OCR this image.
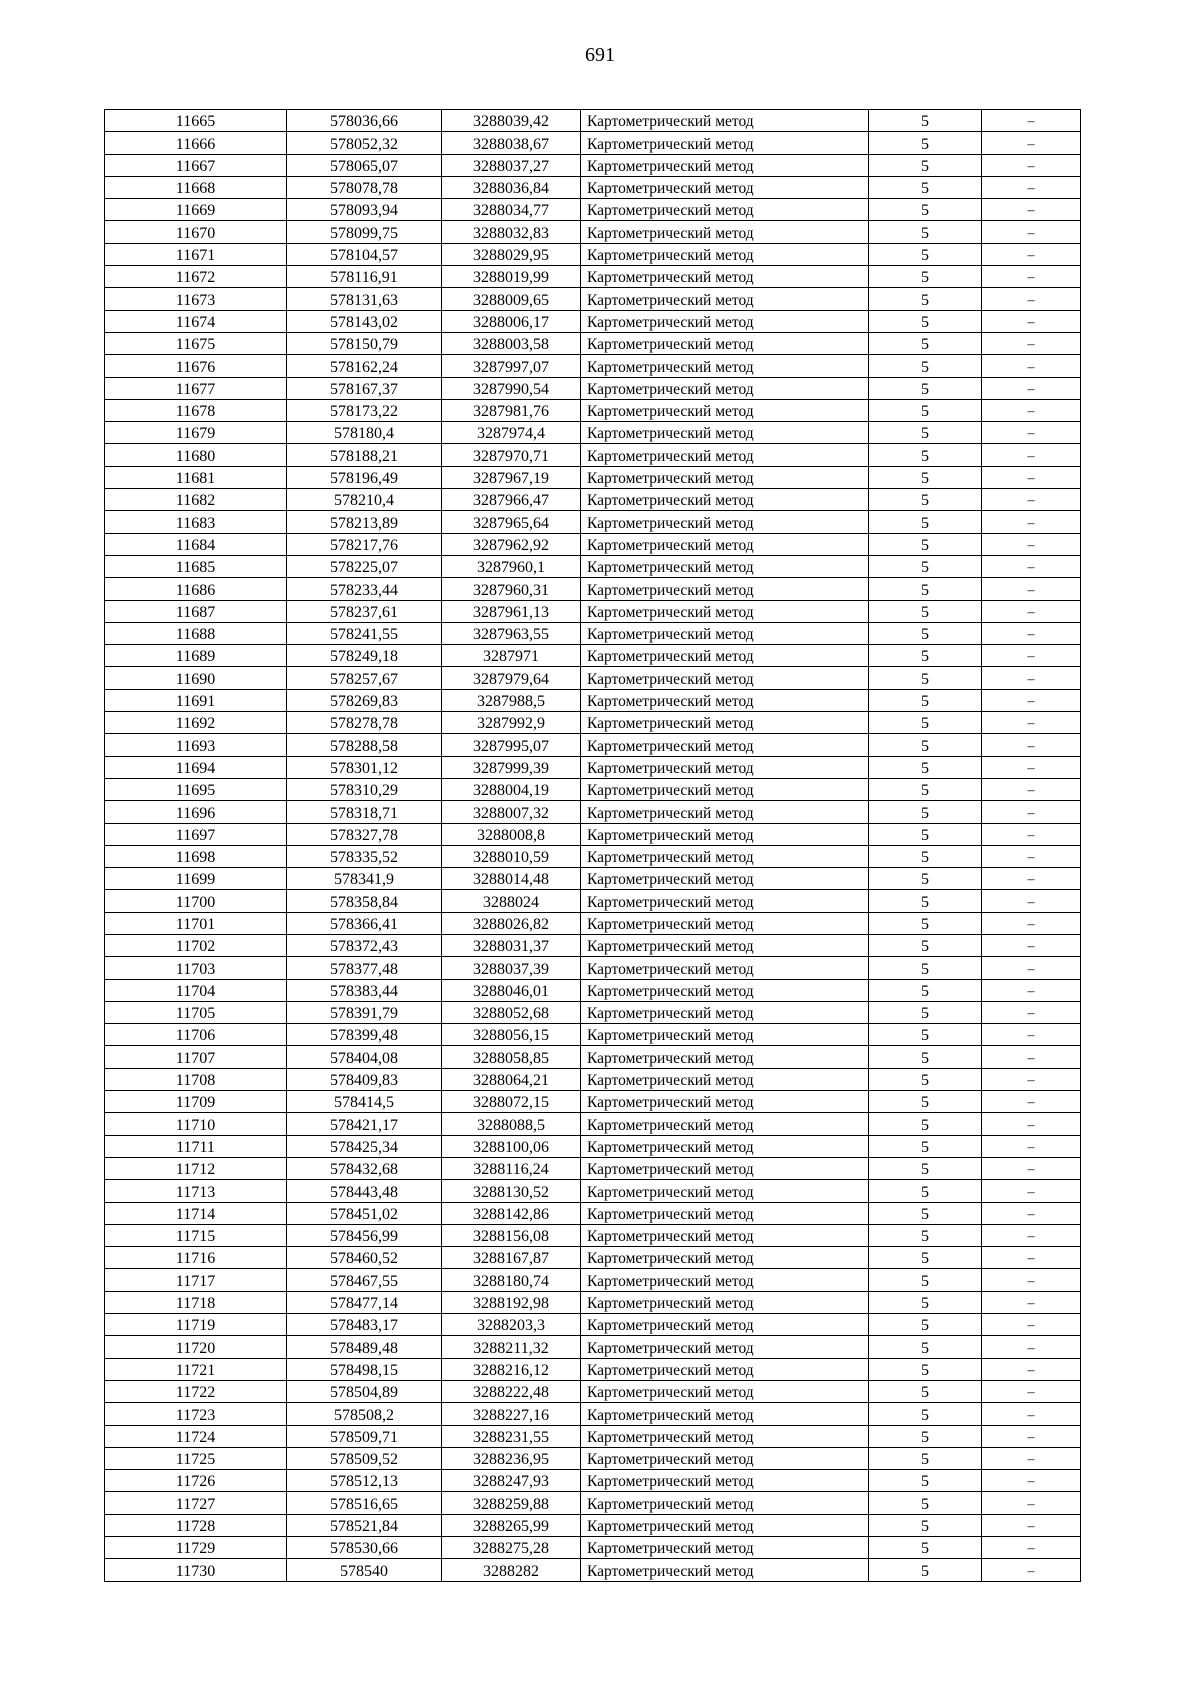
691
11665	578036,66	3288039,42	Картометрический метод	5	–
11666	578052,32	3288038,67	Картометрический метод	5	–
11667	578065,07	3288037,27	Картометрический метод	5	–
11668	578078,78	3288036,84	Картометрический метод	5	–
11669	578093,94	3288034,77	Картометрический метод	5	–
11670	578099,75	3288032,83	Картометрический метод	5	–
11671	578104,57	3288029,95	Картометрический метод	5	–
11672	578116,91	3288019,99	Картометрический метод	5	–
11673	578131,63	3288009,65	Картометрический метод	5	–
11674	578143,02	3288006,17	Картометрический метод	5	–
11675	578150,79	3288003,58	Картометрический метод	5	–
11676	578162,24	3287997,07	Картометрический метод	5	–
11677	578167,37	3287990,54	Картометрический метод	5	–
11678	578173,22	3287981,76	Картометрический метод	5	–
11679	578180,4	3287974,4	Картометрический метод	5	–
11680	578188,21	3287970,71	Картометрический метод	5	–
11681	578196,49	3287967,19	Картометрический метод	5	–
11682	578210,4	3287966,47	Картометрический метод	5	–
11683	578213,89	3287965,64	Картометрический метод	5	–
11684	578217,76	3287962,92	Картометрический метод	5	–
11685	578225,07	3287960,1	Картометрический метод	5	–
11686	578233,44	3287960,31	Картометрический метод	5	–
11687	578237,61	3287961,13	Картометрический метод	5	–
11688	578241,55	3287963,55	Картометрический метод	5	–
11689	578249,18	3287971	Картометрический метод	5	–
11690	578257,67	3287979,64	Картометрический метод	5	–
11691	578269,83	3287988,5	Картометрический метод	5	–
11692	578278,78	3287992,9	Картометрический метод	5	–
11693	578288,58	3287995,07	Картометрический метод	5	–
11694	578301,12	3287999,39	Картометрический метод	5	–
11695	578310,29	3288004,19	Картометрический метод	5	–
11696	578318,71	3288007,32	Картометрический метод	5	–
11697	578327,78	3288008,8	Картометрический метод	5	–
11698	578335,52	3288010,59	Картометрический метод	5	–
11699	578341,9	3288014,48	Картометрический метод	5	–
11700	578358,84	3288024	Картометрический метод	5	–
11701	578366,41	3288026,82	Картометрический метод	5	–
11702	578372,43	3288031,37	Картометрический метод	5	–
11703	578377,48	3288037,39	Картометрический метод	5	–
11704	578383,44	3288046,01	Картометрический метод	5	–
11705	578391,79	3288052,68	Картометрический метод	5	–
11706	578399,48	3288056,15	Картометрический метод	5	–
11707	578404,08	3288058,85	Картометрический метод	5	–
11708	578409,83	3288064,21	Картометрический метод	5	–
11709	578414,5	3288072,15	Картометрический метод	5	–
11710	578421,17	3288088,5	Картометрический метод	5	–
11711	578425,34	3288100,06	Картометрический метод	5	–
11712	578432,68	3288116,24	Картометрический метод	5	–
11713	578443,48	3288130,52	Картометрический метод	5	–
11714	578451,02	3288142,86	Картометрический метод	5	–
11715	578456,99	3288156,08	Картометрический метод	5	–
11716	578460,52	3288167,87	Картометрический метод	5	–
11717	578467,55	3288180,74	Картометрический метод	5	–
11718	578477,14	3288192,98	Картометрический метод	5	–
11719	578483,17	3288203,3	Картометрический метод	5	–
11720	578489,48	3288211,32	Картометрический метод	5	–
11721	578498,15	3288216,12	Картометрический метод	5	–
11722	578504,89	3288222,48	Картометрический метод	5	–
11723	578508,2	3288227,16	Картометрический метод	5	–
11724	578509,71	3288231,55	Картометрический метод	5	–
11725	578509,52	3288236,95	Картометрический метод	5	–
11726	578512,13	3288247,93	Картометрический метод	5	–
11727	578516,65	3288259,88	Картометрический метод	5	–
11728	578521,84	3288265,99	Картометрический метод	5	–
11729	578530,66	3288275,28	Картометрический метод	5	–
11730	578540	3288282	Картометрический метод	5	–
